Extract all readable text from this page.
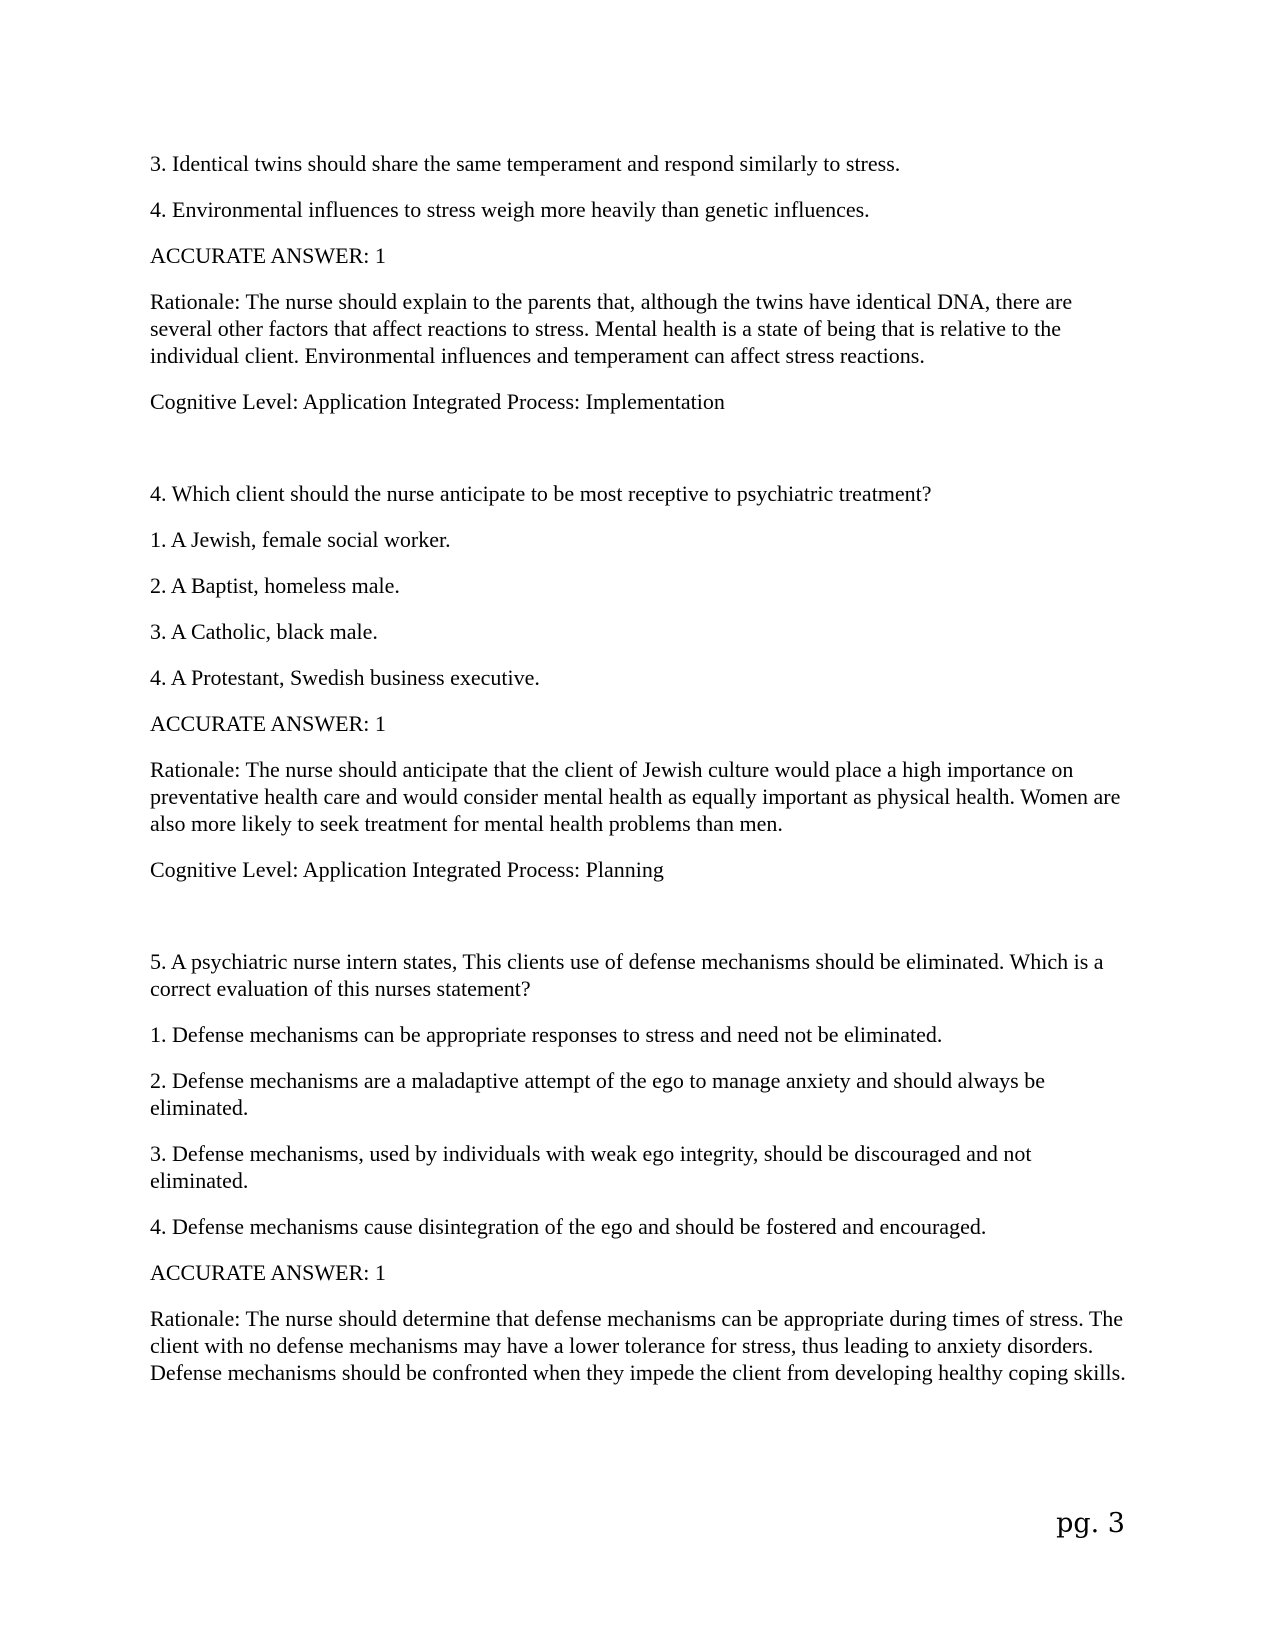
3. Identical twins should share the same temperament and respond similarly to stress.

4. Environmental influences to stress weigh more heavily than genetic influences.

ACCURATE ANSWER: 1

Rationale: The nurse should explain to the parents that, although the twins have identical DNA, there are several other factors that affect reactions to stress. Mental health is a state of being that is relative to the individual client. Environmental influences and temperament can affect stress reactions.

Cognitive Level: Application Integrated Process: Implementation

4. Which client should the nurse anticipate to be most receptive to psychiatric treatment?

1. A Jewish, female social worker.

2. A Baptist, homeless male.

3. A Catholic, black male.

4. A Protestant, Swedish business executive.

ACCURATE ANSWER: 1

Rationale: The nurse should anticipate that the client of Jewish culture would place a high importance on preventative health care and would consider mental health as equally important as physical health. Women are also more likely to seek treatment for mental health problems than men.

Cognitive Level: Application Integrated Process: Planning

5. A psychiatric nurse intern states, This clients use of defense mechanisms should be eliminated. Which is a correct evaluation of this nurses statement?

1. Defense mechanisms can be appropriate responses to stress and need not be eliminated.

2. Defense mechanisms are a maladaptive attempt of the ego to manage anxiety and should always be eliminated.

3. Defense mechanisms, used by individuals with weak ego integrity, should be discouraged and not eliminated.

4. Defense mechanisms cause disintegration of the ego and should be fostered and encouraged.

ACCURATE ANSWER: 1

Rationale: The nurse should determine that defense mechanisms can be appropriate during times of stress. The client with no defense mechanisms may have a lower tolerance for stress, thus leading to anxiety disorders. Defense mechanisms should be confronted when they impede the client from developing healthy coping skills.

pg. 3
